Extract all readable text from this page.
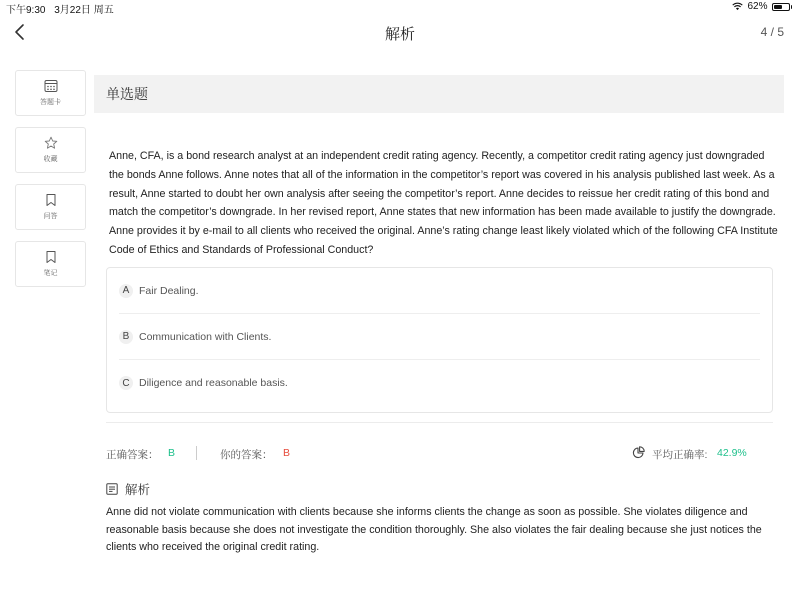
下午9:30 3月22日 周五	62%
解析	4 / 5
答题卡
收藏
问答
笔记
单选题
Anne, CFA, is a bond research analyst at an independent credit rating agency. Recently, a competitor credit rating agency just downgraded the bonds Anne follows. Anne notes that all of the information in the competitor’s report was covered in his analysis published last week. As a result, Anne started to doubt her own analysis after seeing the competitor’s report. Anne decides to reissue her credit rating of this bond and match the competitor’s downgrade. In her revised report, Anne states that new information has been made available to justify the downgrade. Anne provides it by e-mail to all clients who received the original. Anne’s rating change least likely violated which of the following CFA Institute Code of Ethics and Standards of Professional Conduct?
A Fair Dealing.
B Communication with Clients.
C Diligence and reasonable basis.
正确答案： B	你的答案： B	平均正确率: 42.9%
解析
Anne did not violate communication with clients because she informs clients the change as soon as possible. She violates diligence and reasonable basis because she does not investigate the condition thoroughly. She also violates the fair dealing because she just notices the clients who received the original credit rating.
